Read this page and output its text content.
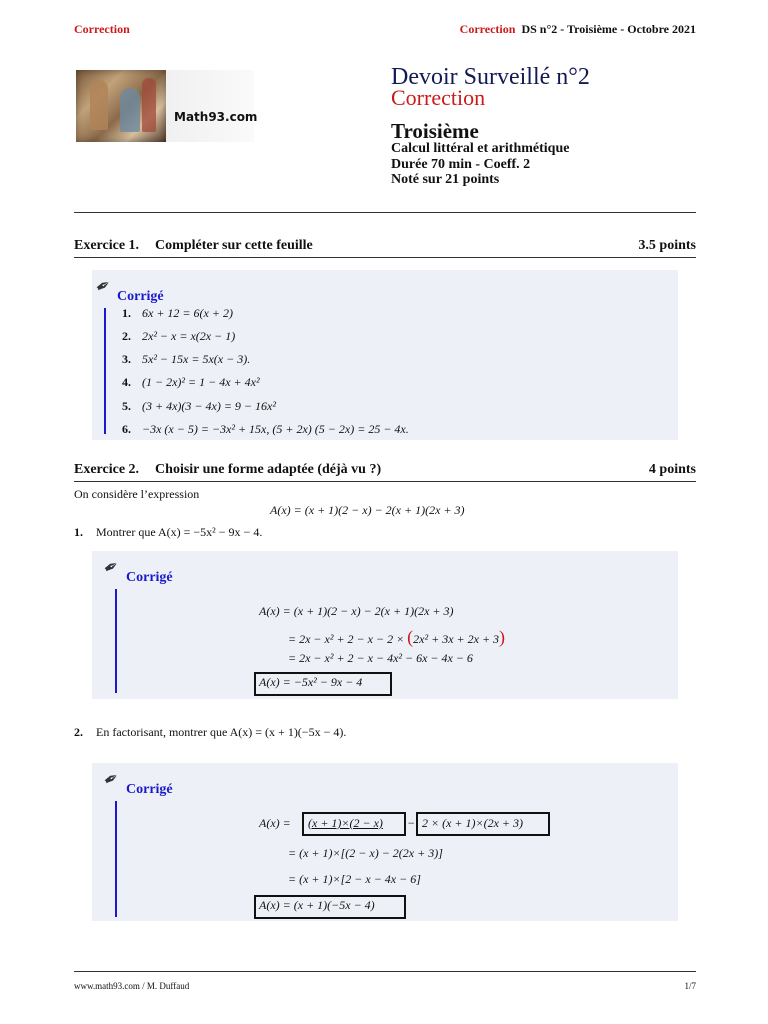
Correction	Correction DS n°2 - Troisième - Octobre 2021
Math93.com
Devoir Surveillé n°2
Correction
Troisième
Calcul littéral et arithmétique
Durée 70 min - Coeff. 2
Noté sur 21 points
Exercice 1. Compléter sur cette feuille	3.5 points
✒ Corrigé
1. 6x + 12 = 6(x + 2)
2. 2x² − x = x(2x − 1)
3. 5x² − 15x = 5x(x − 3).
4. (1 − 2x)² = 1 − 4x + 4x²
5. (3 + 4x)(3 − 4x) = 9 − 16x²
6. −3x (x − 5) = −3x² + 15x, (5 + 2x) (5 − 2x) = 25 − 4x.
Exercice 2. Choisir une forme adaptée (déjà vu ?)	4 points
On considère l’expression
A(x) = (x + 1)(2 − x) − 2(x + 1)(2x + 3)
1. Montrer que A(x) = −5x² − 9x − 4.
✒ Corrigé
A(x) = (x + 1)(2 − x) − 2(x + 1)(2x + 3)
= 2x − x² + 2 − x − 2 × (2x² + 3x + 2x + 3)
= 2x − x² + 2 − x − 4x² − 6x − 4x − 6
A(x) = −5x² − 9x − 4
2. En factorisant, montrer que A(x) = (x + 1)(−5x − 4).
✒ Corrigé
A(x) = (x + 1)×(2 − x) − 2 × (x + 1)×(2x + 3)
= (x + 1)×[(2 − x) − 2(2x + 3)]
= (x + 1)×[2 − x − 4x − 6]
A(x) = (x + 1)(−5x − 4)
www.math93.com / M. Duffaud	1/7
